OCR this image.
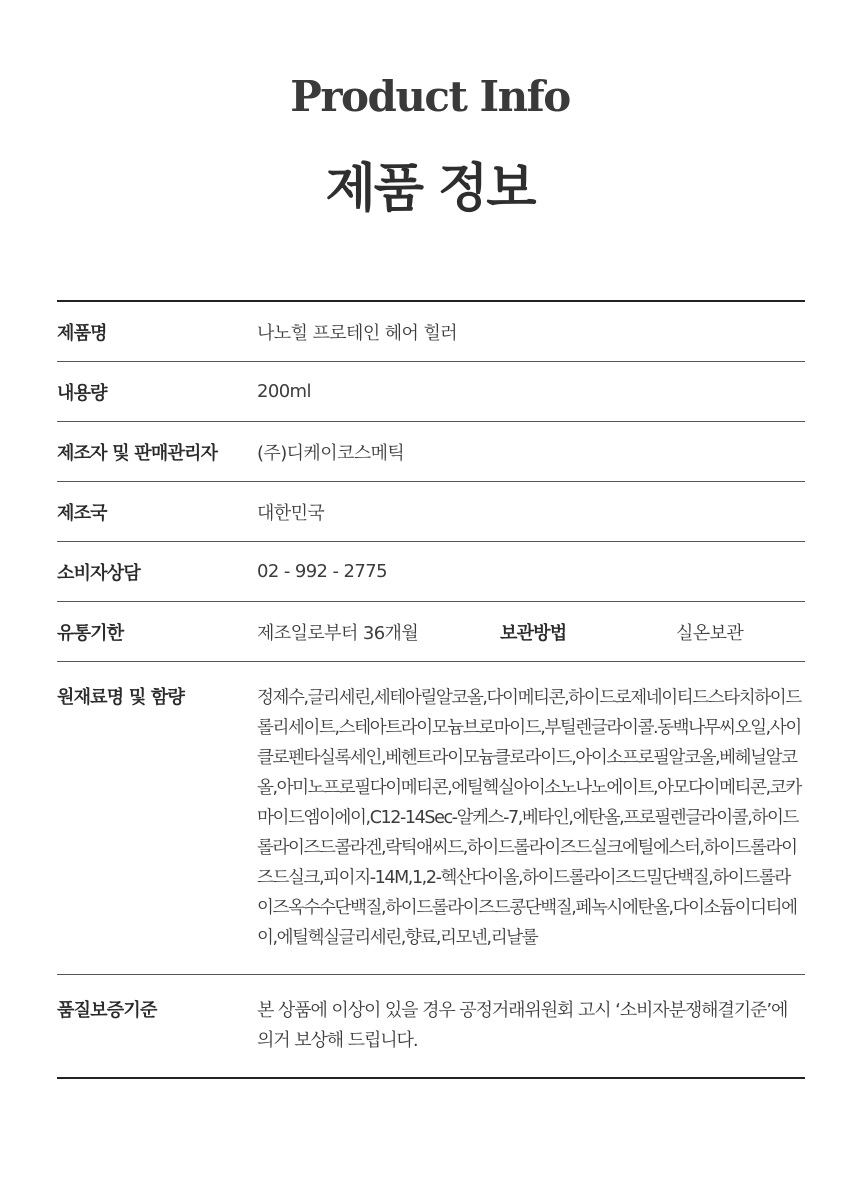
Product Info
제품 정보
제품명	나노힐 프로테인 헤어 힐러
내용량	200ml
제조자 및 판매관리자	(주)디케이코스메틱
제조국	대한민국
소비자상담	02 - 992 - 2775
유통기한	제조일로부터 36개월	보관방법	실온보관
원재료명 및 함량	정제수,글리세린,세테아릴알코올,다이메티콘,하이드로제네이티드스타치하이드롤리세이트,스테아트라이모늄브로마이드,부틸렌글라이콜.동백나무씨오일,사이클로펜타실록세인,베헨트라이모늄클로라이드,아이소프로필알코올,베헤닐알코올,아미노프로필다이메티콘,에틸헥실아이소노나노에이트,아모다이메티콘,코카마이드엠이에이,C12-14Sec-알케스-7,베타인,에탄올,프로필렌글라이콜,하이드롤라이즈드콜라겐,락틱애씨드,하이드롤라이즈드실크에틸에스터,하이드롤라이즈드실크,피이지-14M,1,2-헥산다이올,하이드롤라이즈드밀단백질,하이드롤라이즈옥수수단백질,하이드롤라이즈드콩단백질,페녹시에탄올,다이소듐이디티에이,에틸헥실글리세린,향료,리모넨,리날룰
품질보증기준	본 상품에 이상이 있을 경우 공정거래위원회 고시 ‘소비자분쟁해결기준’에 의거 보상해 드립니다.
